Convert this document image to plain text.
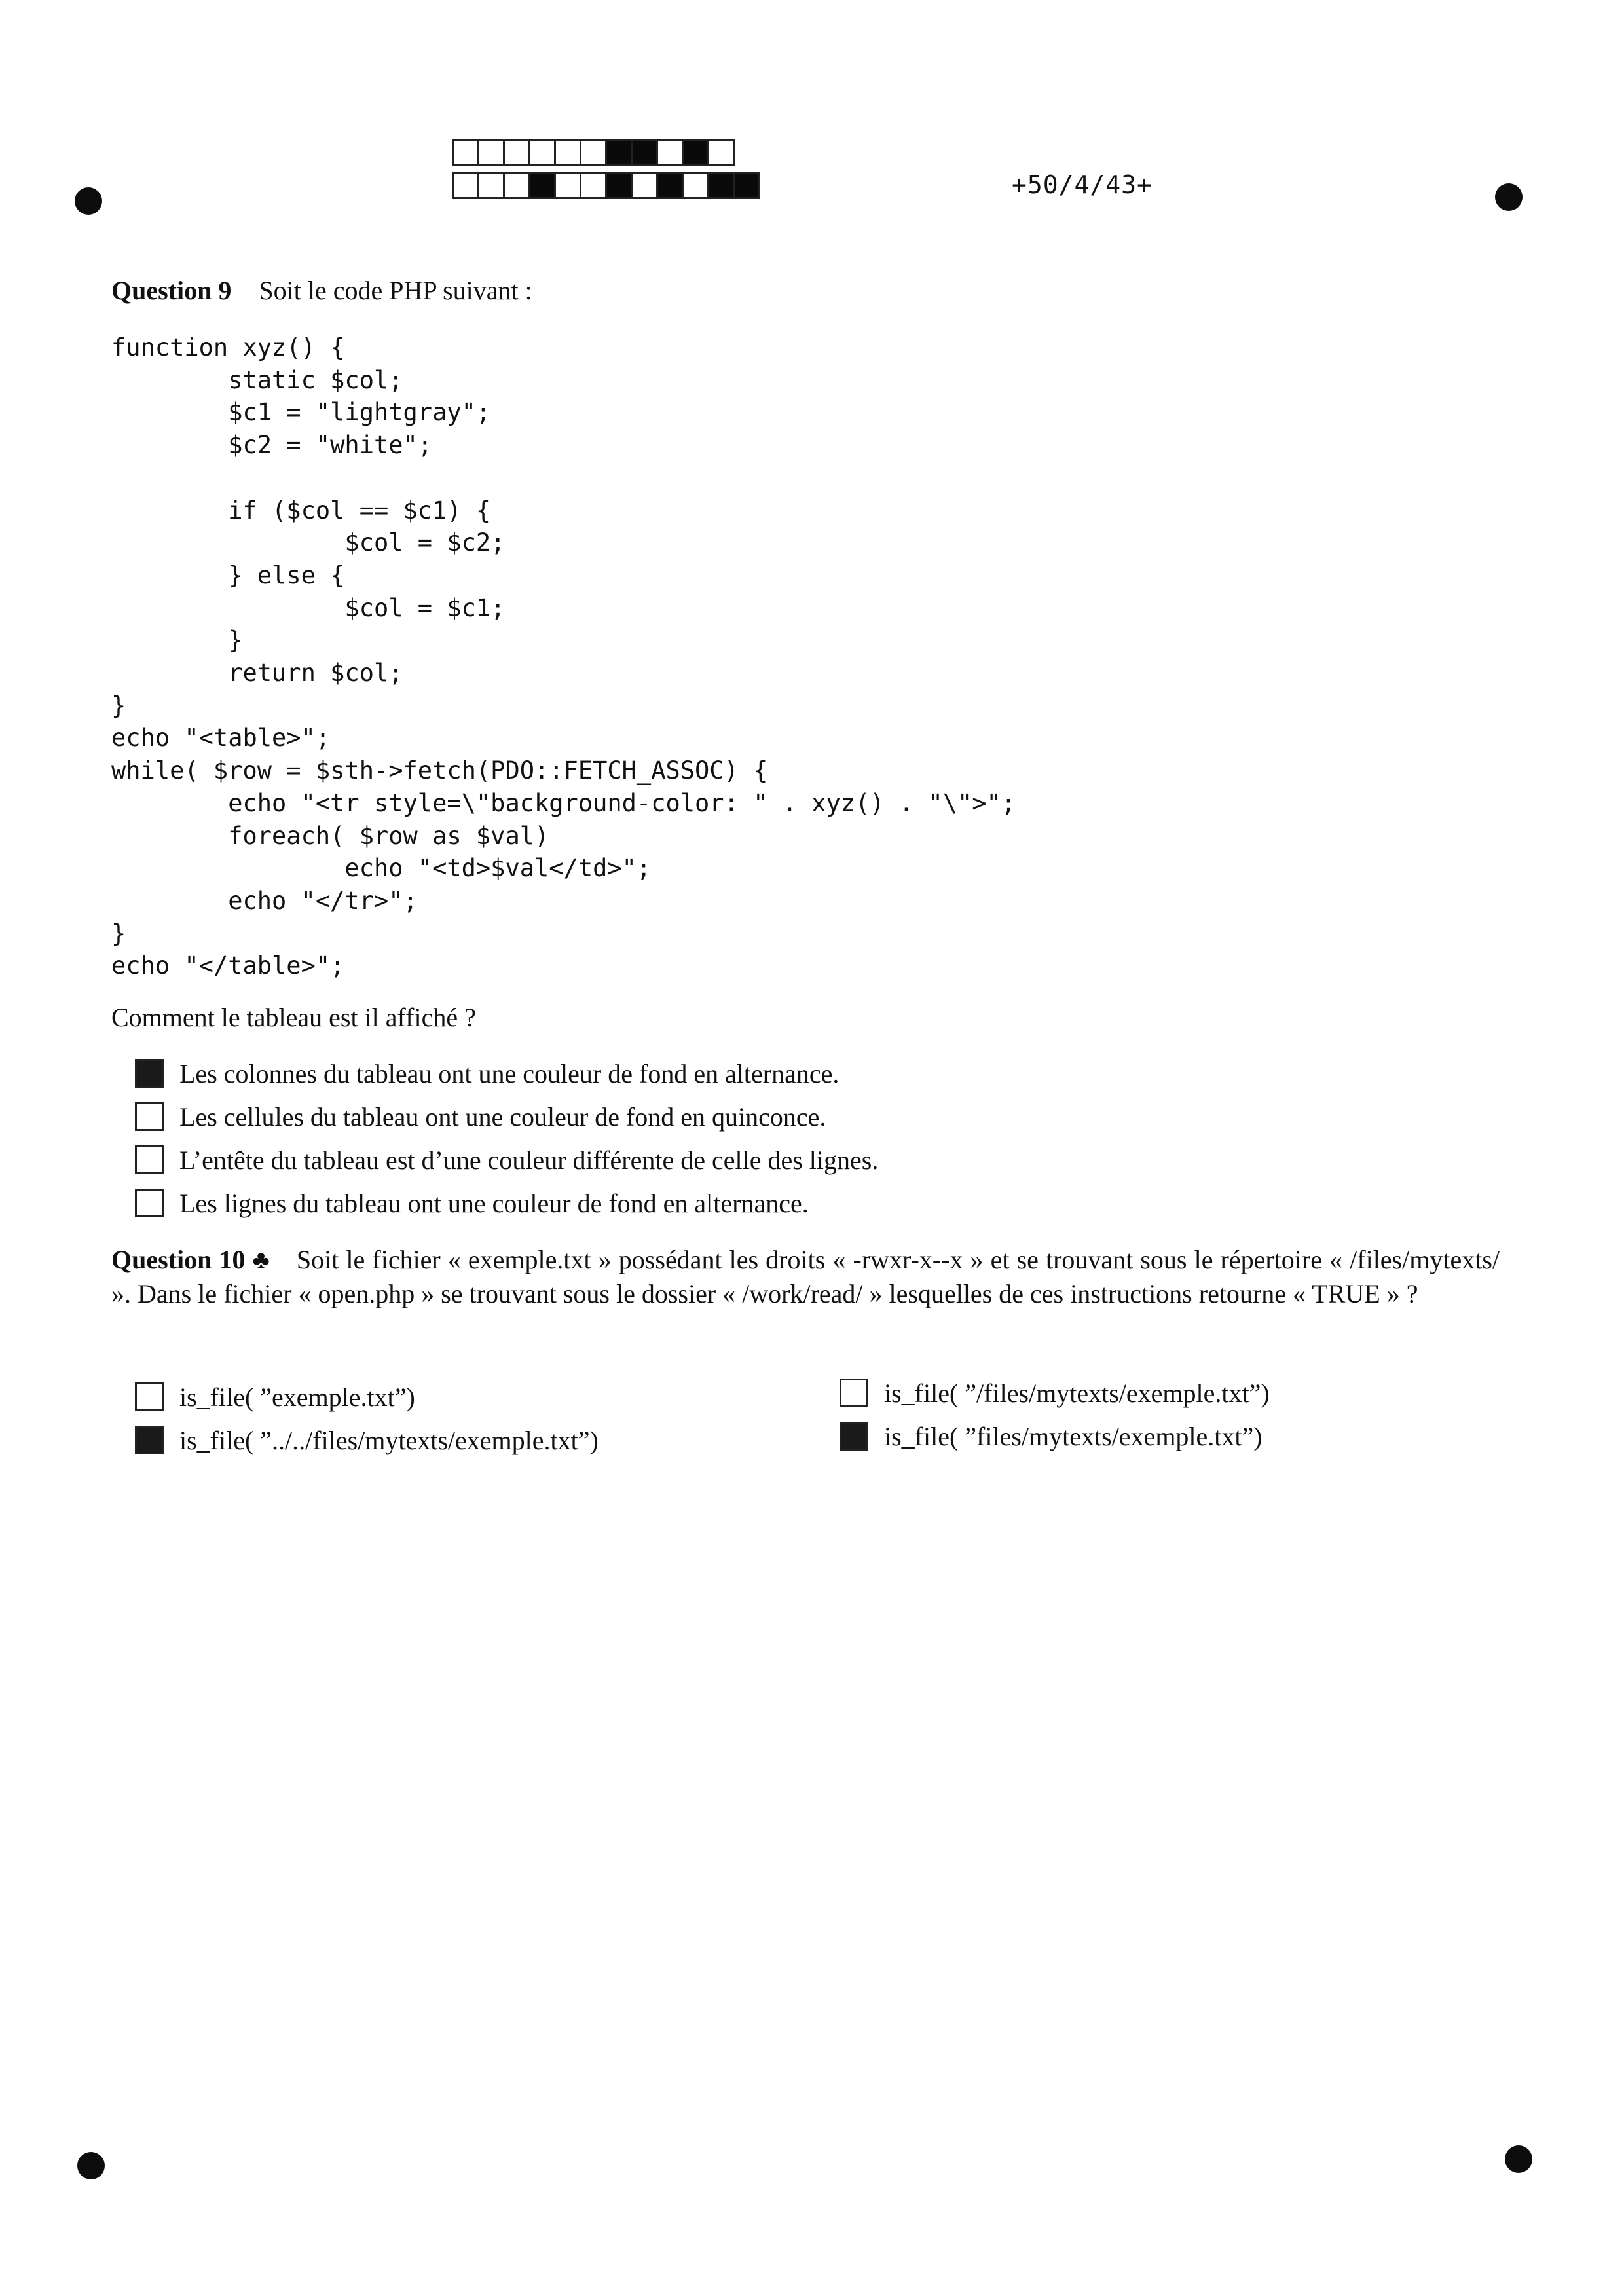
+50/4/43+
Question 9 Soit le code PHP suivant :
function xyz() {
static $col;
$c1 = "lightgray";
$c2 = "white";

if ($col == $c1) {
$col = $c2;
} else {
$col = $c1;
}
return $col;
}
echo "<table>";
while( $row = $sth->fetch(PDO::FETCH_ASSOC) {
echo "<tr style=\"background-color: " . xyz() . "\">";
foreach( $row as $val)
echo "<td>$val</td>";
echo "</tr>";
}
echo "</table>";
Comment le tableau est il affiché ?
Les colonnes du tableau ont une couleur de fond en alternance.
Les cellules du tableau ont une couleur de fond en quinconce.
L’entête du tableau est d’une couleur différente de celle des lignes.
Les lignes du tableau ont une couleur de fond en alternance.
Question 10 ♣ Soit le fichier « exemple.txt » possédant les droits « -rwxr-x--x » et se trouvant sous le répertoire « /files/mytexts/ ». Dans le fichier « open.php » se trouvant sous le dossier « /work/read/ » lesquelles de ces instructions retourne « TRUE » ?
is_file( ”exemple.txt”)
is_file( ”../../files/mytexts/exemple.txt”)
is_file( ”/files/mytexts/exemple.txt”)
is_file( ”files/mytexts/exemple.txt”)
